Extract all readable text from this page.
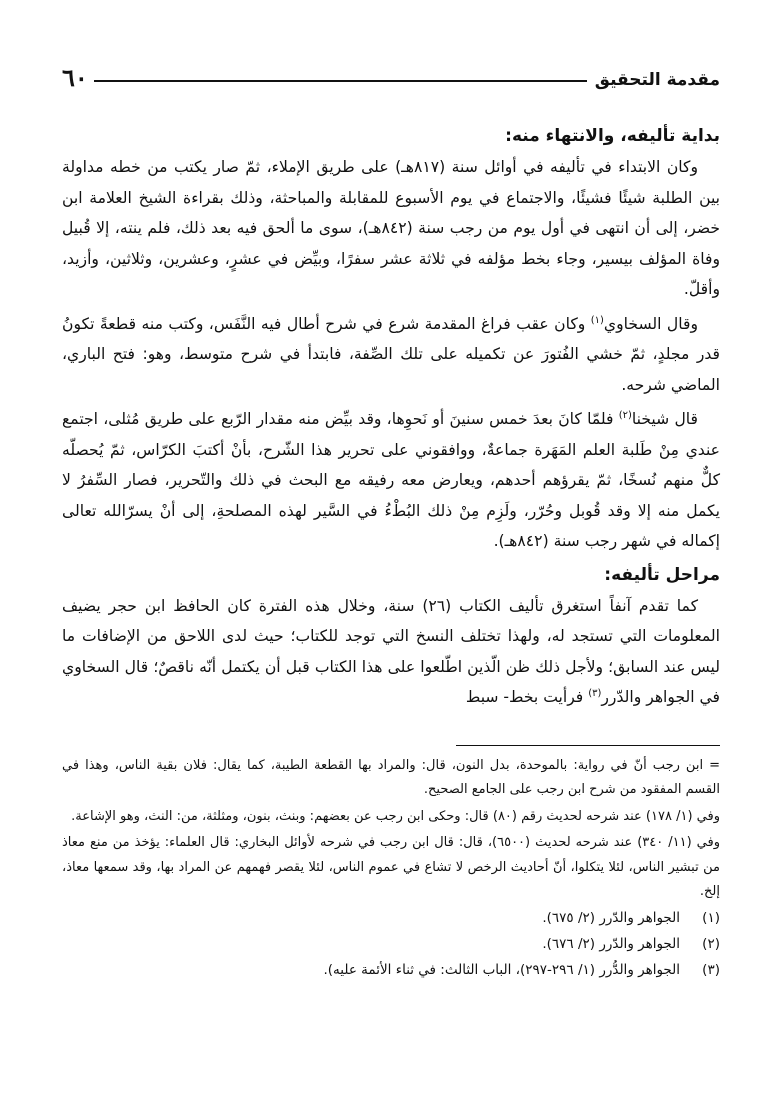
٦٠	مقدمة التحقيق
بداية تأليفه، والانتهاء منه:

وكان الابتداء في تأليفه في أوائل سنة (٨١٧هـ) على طريق الإملاء، ثمّ صار يكتب من خطه مداولة بين الطلبة شيئًا فشيئًا، والاجتماع في يوم الأسبوع للمقابلة والمباحثة، وذلك بقراءة الشيخ العلامة ابن خضر، إلى أن انتهى في أول يوم من رجب سنة (٨٤٢هـ)، سوى ما ألحق فيه بعد ذلك، فلم ينته، إلا قُبيل وفاة المؤلف بيسير، وجاء بخط مؤلفه في ثلاثة عشر سفرًا، وبيِّض في عشرٍ، وعشرين، وثلاثين، وأزيد، وأقلّ.

وقال السخاوي$^{(١)}$ وكان عقب فراغ المقدمة شرع في شرح أطال فيه النَّفَس، وكتب منه قطعةً تكونُ قدر مجلدٍ، ثمّ خشي الفُتورَ عن تكميله على تلك الصِّفة، فابتدأ في شرح متوسط، وهو: فتح الباري، الماضي شرحه.

قال شيخنا$^{(٢)}$ فلمّا كانَ بعدَ خمس سنينَ أو نَحوِها، وقد بيِّض منه مقدار الرّبع على طريق مُثلى، اجتمع عندي مِنْ طَلبة العلم المَهَرة جماعةٌ، ووافقوني على تحرير هذا الشّرح، بأنْ أكتبَ الكرّاس، ثمّ يُحصلّه كلٌّ منهم نُسخًا، ثمّ يقرؤهم أحدهم، ويعارض معه رفيقه مع البحث في ذلك والتّحرير، فصار السِّفرُ لا يكمل منه إلا وقد قُوبل وحُرّر، ولَزِم مِنْ ذلك البُطْءُ في السَّير لهذه المصلحةِ، إلى أنْ يسرّالله تعالى إكماله في شهر رجب سنة (٨٤٢هـ).

مراحل تأليفه:

كما تقدم آنفاً استغرق تأليف الكتاب (٢٦) سنة، وخلال هذه الفترة كان الحافظ ابن حجر يضيف المعلومات التي تستجد له، ولهذا تختلف النسخ التي توجد للكتاب؛ حيث لدى اللاحق من الإضافات ما ليس عند السابق؛ ولأجل ذلك ظن الّذين اطّلعوا على هذا الكتاب قبل أن يكتمل أنّه ناقصٌ؛ قال السخاوي في الجواهر والدّرر$^{(٣)}$ فرأيت بخط- سبط

= ابن رجب أنّ في رواية: بالموحدة، بدل النون، قال: والمراد بها القطعة الطيبة، كما يقال: فلان بقية الناس، وهذا في القسم المفقود من شرح ابن رجب على الجامع الصحيح.

وفي (١/ ١٧٨) عند شرحه لحديث رقم (٨٠) قال: وحكى ابن رجب عن بعضهم: وبنث، بنون، ومثلثة، من: النث، وهو الإشاعة.

وفي (١١/ ٣٤٠) عند شرحه لحديث (٦٥٠٠)، قال: قال ابن رجب في شرحه لأوائل البخاري: قال العلماء: يؤخذ من منع معاذ من تبشير الناس، لئلا يتكلوا، أنّ أحاديث الرخص لا تشاع في عموم الناس، لئلا يقصر فهمهم عن المراد بها، وقد سمعها معاذ، إلخ.

(١)
الجواهر والدّرر (٢/ ٦٧٥).
(٢)
الجواهر والدّرر (٢/ ٦٧٦).
(٣)
الجواهر والدُّرر (١/ ٢٩٦-٢٩٧)، الباب الثالث: في ثناء الأئمة عليه).
